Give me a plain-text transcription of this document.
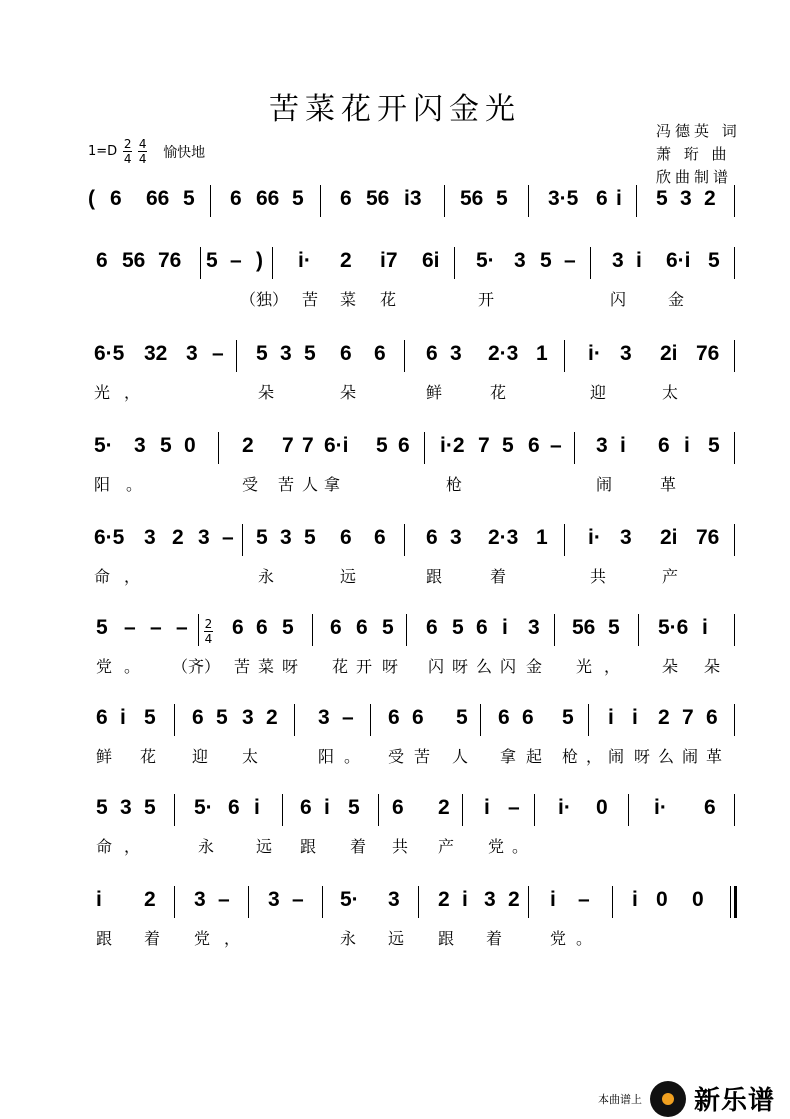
苦菜花开闪金光
冯德英 词
萧 珩 曲
欣曲制谱
$1=D \frac{2}{4} \frac{4}{4}$ 愉快地
( 6 66 5 6 66 5 6 56 i3 56 5 3·5 6 i 5 3 2
6 56 76 5 – ) i· 2 i7 6i 5· 3 5 – 3 i 6·i 5
（独） 苦 菜 花	开	闪	金
6·5 32 3 – 5 3 5 6 6 6 3 2·3 1 i· 3 2i 76
光 ，	朵	朵	鲜	花	迎	太
5· 3 5 0 2 7 7 6·i 5 6 i·2 7 5 6 – 3 i 6 i 5
阳 。	受 苦 人 拿	枪	闹	革
6·5 3 2 3 – 5 3 5 6 6 6 3 2·3 1 i· 3 2i 76
命 ，	永	远	跟	着	共	产
5 – – – 6 6 5 6 6 5 6 5 6 i 3 56 5 5·6 i
2
4
党 。 （齐） 苦 菜 呀 花 开 呀 闪 呀 么 闪 金 光 ，	朵 朵
6 i 5 6 5 3 2 3 – 6 6 5 6 6 5 i i 2 7 6
鲜 花 迎 太	阳 。 受 苦 人 拿 起 枪 ， 闹 呀 么 闹 革
5 3 5 5· 6 i 6 i 5 6 2 i – i· 0 i· 6
命 ，	永	远 跟 着 共 产 党 。
i 2 3 – 3 – 5· 3 2 i 3 2 i – i 0 0
跟 着 党 ，	永 远 跟 着	党 。
本曲谱上 新乐谱
